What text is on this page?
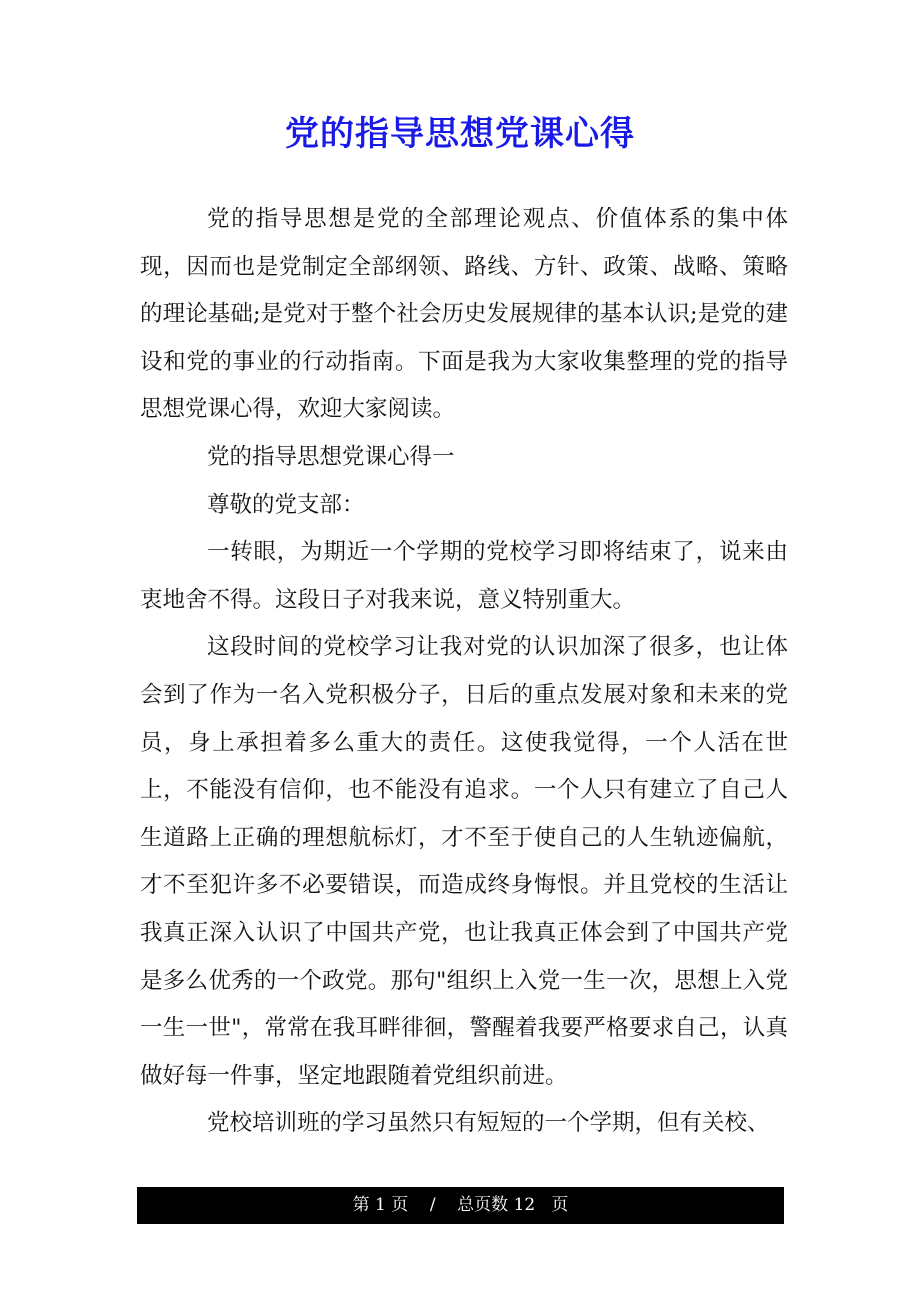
党的指导思想党课心得

党的指导思想是党的全部理论观点、价值体系的集中体现，因而也是党制定全部纲领、路线、方针、政策、战略、策略的理论基础;是党对于整个社会历史发展规律的基本认识;是党的建设和党的事业的行动指南。下面是我为大家收集整理的党的指导思想党课心得，欢迎大家阅读。

党的指导思想党课心得一

尊敬的党支部：

一转眼，为期近一个学期的党校学习即将结束了，说来由衷地舍不得。这段日子对我来说，意义特别重大。

这段时间的党校学习让我对党的认识加深了很多，也让体会到了作为一名入党积极分子，日后的重点发展对象和未来的党员，身上承担着多么重大的责任。这使我觉得，一个人活在世上，不能没有信仰，也不能没有追求。一个人只有建立了自己人生道路上正确的理想航标灯，才不至于使自己的人生轨迹偏航，才不至犯许多不必要错误，而造成终身悔恨。并且党校的生活让我真正深入认识了中国共产党，也让我真正体会到了中国共产党是多么优秀的一个政党。那句"组织上入党一生一次，思想上入党一生一世"，常常在我耳畔徘徊，警醒着我要严格要求自己，认真做好每一件事，坚定地跟随着党组织前进。

党校培训班的学习虽然只有短短的一个学期，但有关校、

第 1 页    /    总页数 12   页
